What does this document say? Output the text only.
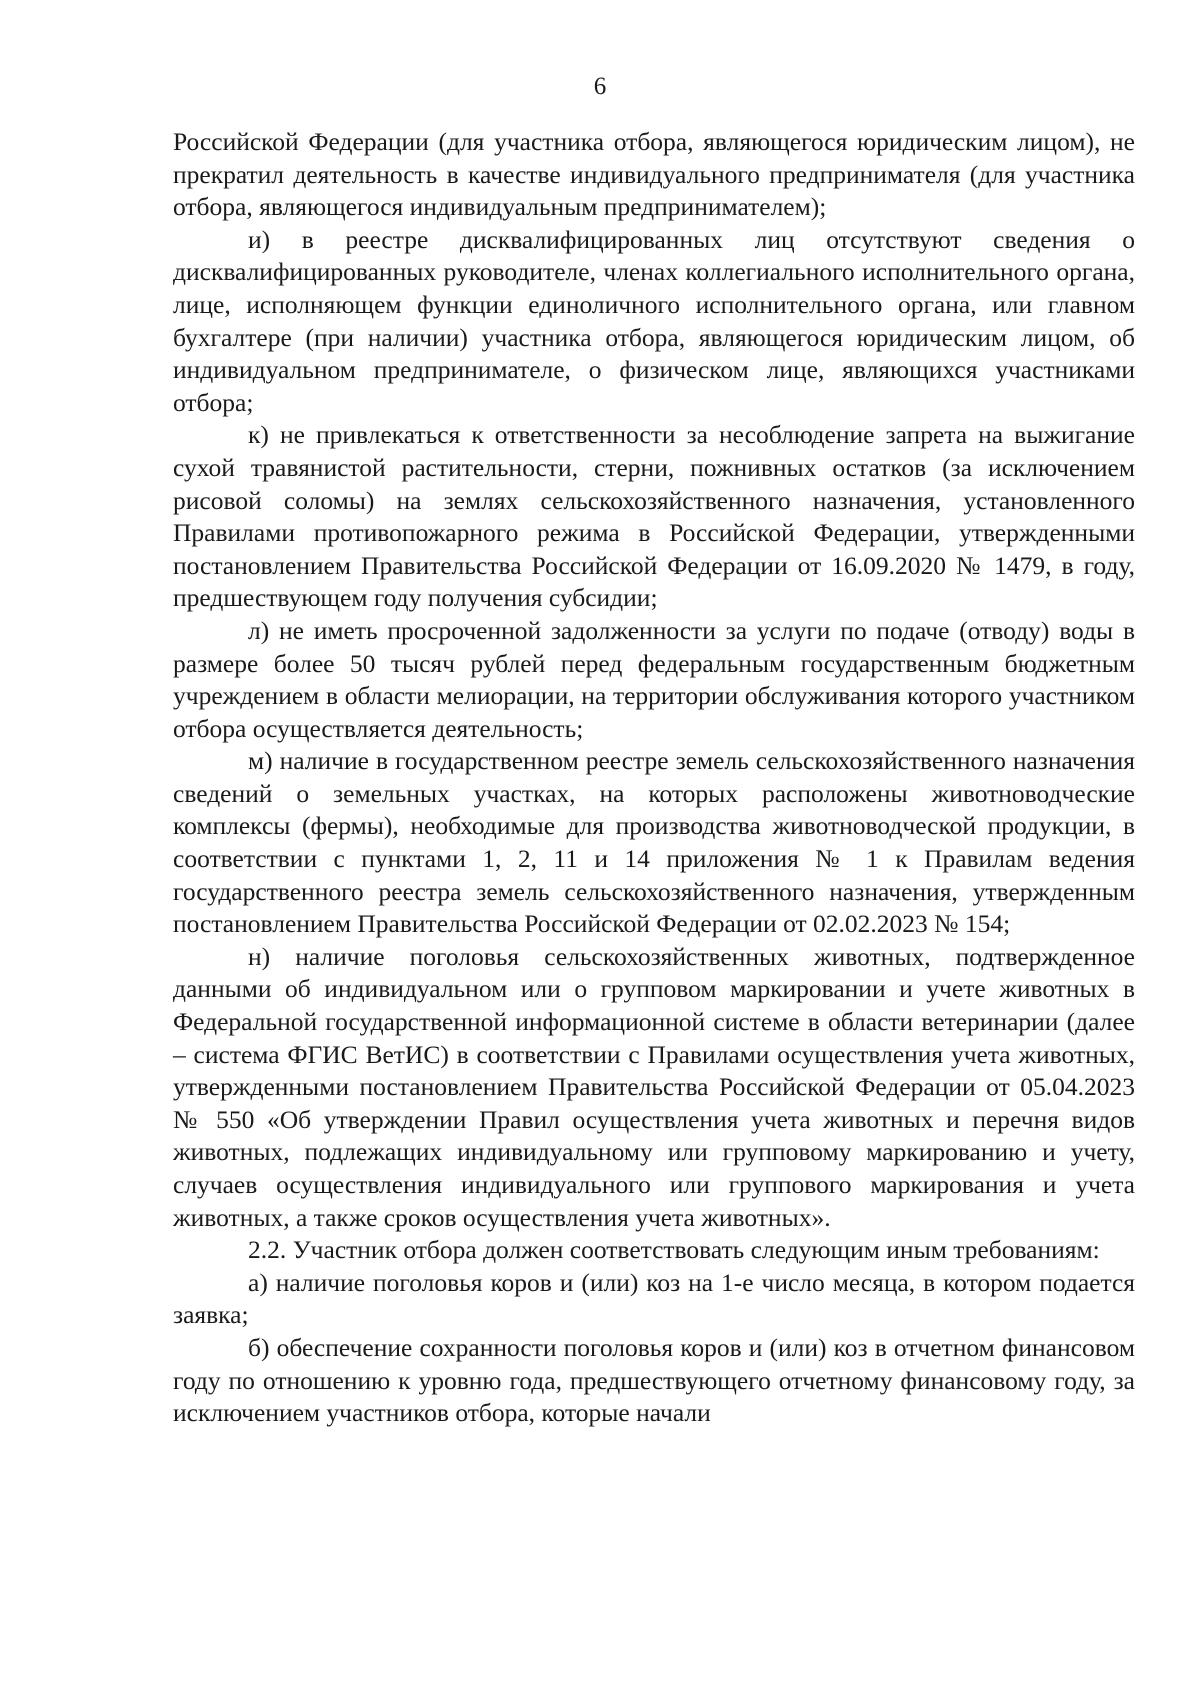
6

Российской Федерации (для участника отбора, являющегося юридическим лицом), не прекратил деятельность в качестве индивидуального предпринимателя (для участника отбора, являющегося индивидуальным предпринимателем);

и) в реестре дисквалифицированных лиц отсутствуют сведения о дисквалифицированных руководителе, членах коллегиального исполнительного органа, лице, исполняющем функции единоличного исполнительного органа, или главном бухгалтере (при наличии) участника отбора, являющегося юридическим лицом, об индивидуальном предпринимателе, о физическом лице, являющихся участниками отбора;

к) не привлекаться к ответственности за несоблюдение запрета на выжигание сухой травянистой растительности, стерни, пожнивных остатков (за исключением рисовой соломы) на землях сельскохозяйственного назначения, установленного Правилами противопожарного режима в Российской Федерации, утвержденными постановлением Правительства Российской Федерации от 16.09.2020 № 1479, в году, предшествующем году получения субсидии;

л) не иметь просроченной задолженности за услуги по подаче (отводу) воды в размере более 50 тысяч рублей перед федеральным государственным бюджетным учреждением в области мелиорации, на территории обслуживания которого участником отбора осуществляется деятельность;

м) наличие в государственном реестре земель сельскохозяйственного назначения сведений о земельных участках, на которых расположены животноводческие комплексы (фермы), необходимые для производства животноводческой продукции, в соответствии с пунктами 1, 2, 11 и 14 приложения № 1 к Правилам ведения государственного реестра земель сельскохозяйственного назначения, утвержденным постановлением Правительства Российской Федерации от 02.02.2023 № 154;

н) наличие поголовья сельскохозяйственных животных, подтвержденное данными об индивидуальном или о групповом маркировании и учете животных в Федеральной государственной информационной системе в области ветеринарии (далее – система ФГИС ВетИС) в соответствии с Правилами осуществления учета животных, утвержденными постановлением Правительства Российской Федерации от 05.04.2023 № 550 «Об утверждении Правил осуществления учета животных и перечня видов животных, подлежащих индивидуальному или групповому маркированию и учету, случаев осуществления индивидуального или группового маркирования и учета животных, а также сроков осуществления учета животных».

2.2. Участник отбора должен соответствовать следующим иным требованиям:

а) наличие поголовья коров и (или) коз на 1-е число месяца, в котором подается заявка;

б) обеспечение сохранности поголовья коров и (или) коз в отчетном финансовом году по отношению к уровню года, предшествующего отчетному финансовому году, за исключением участников отбора, которые начали
